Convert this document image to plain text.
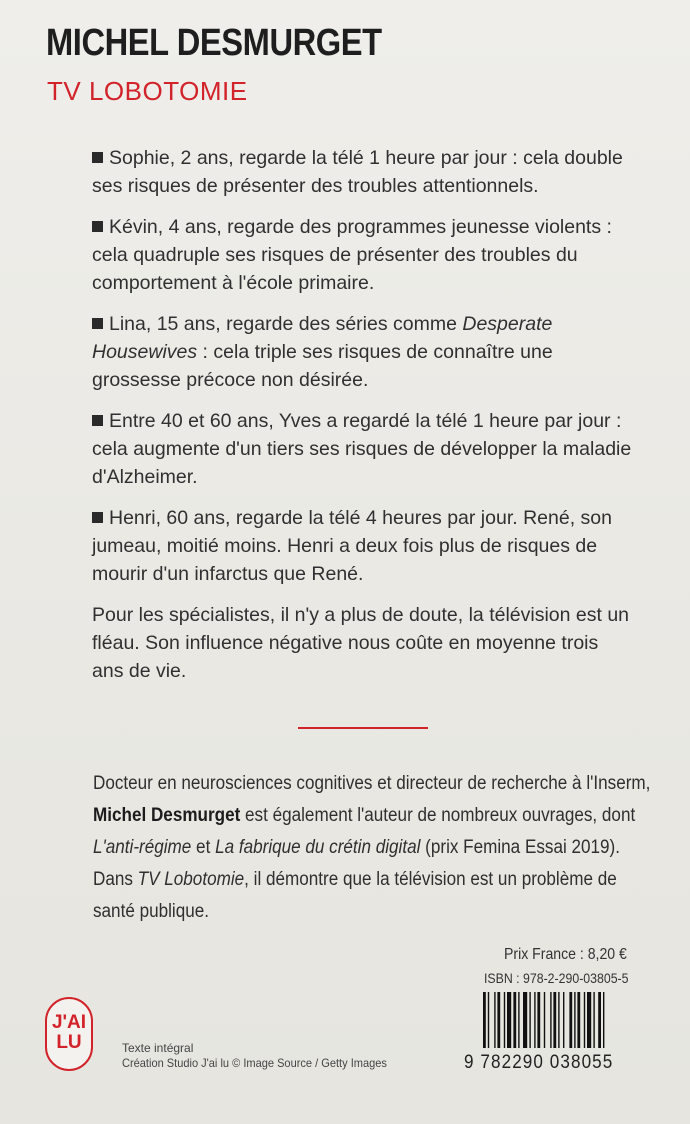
MICHEL DESMURGET
TV LOBOTOMIE

Sophie, 2 ans, regarde la télé 1 heure par jour : cela double ses risques de présenter des troubles attentionnels.

Kévin, 4 ans, regarde des programmes jeunesse violents : cela quadruple ses risques de présenter des troubles du comportement à l'école primaire.

Lina, 15 ans, regarde des séries comme Desperate Housewives : cela triple ses risques de connaître une grossesse précoce non désirée.

Entre 40 et 60 ans, Yves a regardé la télé 1 heure par jour : cela augmente d'un tiers ses risques de développer la maladie d'Alzheimer.

Henri, 60 ans, regarde la télé 4 heures par jour. René, son jumeau, moitié moins. Henri a deux fois plus de risques de mourir d'un infarctus que René.

Pour les spécialistes, il n'y a plus de doute, la télévision est un fléau. Son influence négative nous coûte en moyenne trois ans de vie.

Docteur en neurosciences cognitives et directeur de recherche à l'Inserm,
Michel Desmurget est également l'auteur de nombreux ouvrages, dont
L'anti-régime et La fabrique du crétin digital (prix Femina Essai 2019).
Dans TV Lobotomie, il démontre que la télévision est un problème de santé publique.
Prix France : 8,20 €
ISBN : 978-2-290-03805-5
9 782290 038055
J'AI
LU	Texte intégral
Création Studio J'ai lu © Image Source / Getty Images
